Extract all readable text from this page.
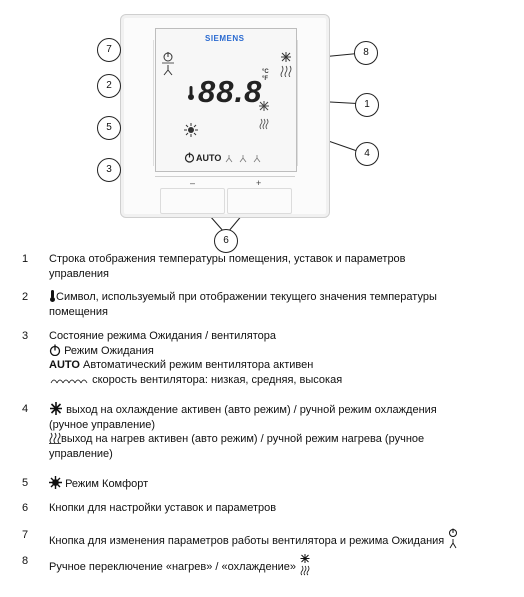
SIEMENS
88.8
°C
°F
AUTO
–	+
1
2
3
4
5
6
7	8
1 Строка отображения температуры помещения, уставок и параметров
управления
2	Символ, используемый при отображении текущего значения температуры
помещения
3 Состояние режима Ожидания / вентилятора
Режим Ожидания
AUTO Автоматический режим вентилятора активен
скорость вентилятора: низкая, средняя, высокая
4	выход на охлаждение активен (авто режим) / ручной режим охлаждения
(ручное управление)
выход на нагрев активен (авто режим) / ручной режим нагрева (ручное
управление)
5	Режим Комфорт
6 Кнопки для настройки уставок и параметров
7 Кнопка для изменения параметров работы вентилятора и режима Ожидания
8 Ручное переключение «нагрев» / «охлаждение»
